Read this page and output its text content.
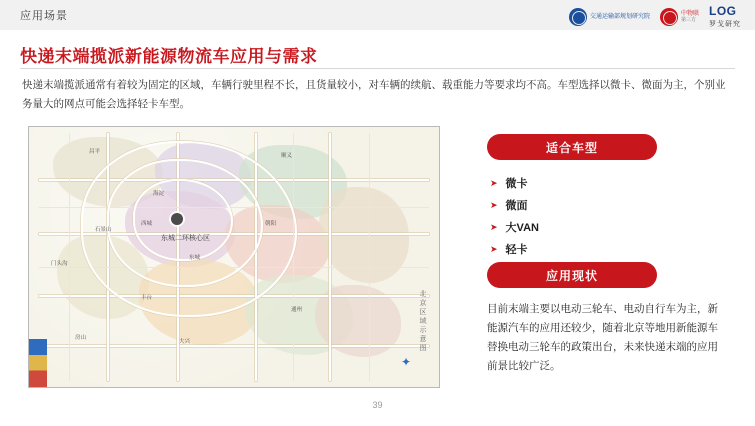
应用场景	交通运输部规划研究院	中物联
第三方
LOG
罗戈研究
快递末端揽派新能源物流车应用与需求
快递末端揽派通常有着较为固定的区域，车辆行驶里程不长，且货量较小，对车辆的续航、载重能力等要求均不高。车型选择以微卡、微面为主，个别业务量大的网点可能会选择轻卡车型。
东城二环核心区
昌平
顺义
海淀
朝阳
石景山
门头沟
丰台
大兴
通州
房山
西城
东城
北京区域示意图
✦
适合车型
➤ 微卡
➤ 微面
➤ 大VAN
➤ 轻卡
应用现状
目前末端主要以电动三轮车、电动自行车为主，新能源汽车的应用还较少，随着北京等地用新能源车替换电动三轮车的政策出台，未来快递末端的应用前景比较广泛。
39
